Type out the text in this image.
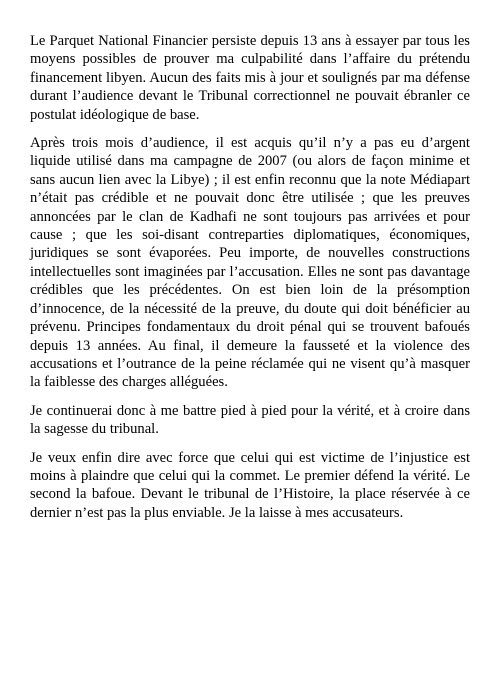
Le Parquet National Financier persiste depuis 13 ans à essayer par tous les moyens possibles de prouver ma culpabilité dans l’affaire du prétendu financement libyen. Aucun des faits mis à jour et soulignés par ma défense durant l’audience devant le Tribunal correctionnel ne pouvait ébranler ce postulat idéologique de base.

Après trois mois d’audience, il est acquis qu’il n’y a pas eu d’argent liquide utilisé dans ma campagne de 2007 (ou alors de façon minime et sans aucun lien avec la Libye) ; il est enfin reconnu que la note Médiapart n’était pas crédible et ne pouvait donc être utilisée ; que les preuves annoncées par le clan de Kadhafi ne sont toujours pas arrivées et pour cause ; que les soi-disant contreparties diplomatiques, économiques, juridiques se sont évaporées. Peu importe, de nouvelles constructions intellectuelles sont imaginées par l’accusation. Elles ne sont pas davantage crédibles que les précédentes. On est bien loin de la présomption d’innocence, de la nécessité de la preuve, du doute qui doit bénéficier au prévenu. Principes fondamentaux du droit pénal qui se trouvent bafoués depuis 13 années. Au final, il demeure la fausseté et la violence des accusations et l’outrance de la peine réclamée qui ne visent qu’à masquer la faiblesse des charges alléguées.

Je continuerai donc à me battre pied à pied pour la vérité, et à croire dans la sagesse du tribunal.

Je veux enfin dire avec force que celui qui est victime de l’injustice est moins à plaindre que celui qui la commet. Le premier défend la vérité. Le second la bafoue. Devant le tribunal de l’Histoire, la place réservée à ce dernier n’est pas la plus enviable. Je la laisse à mes accusateurs.
